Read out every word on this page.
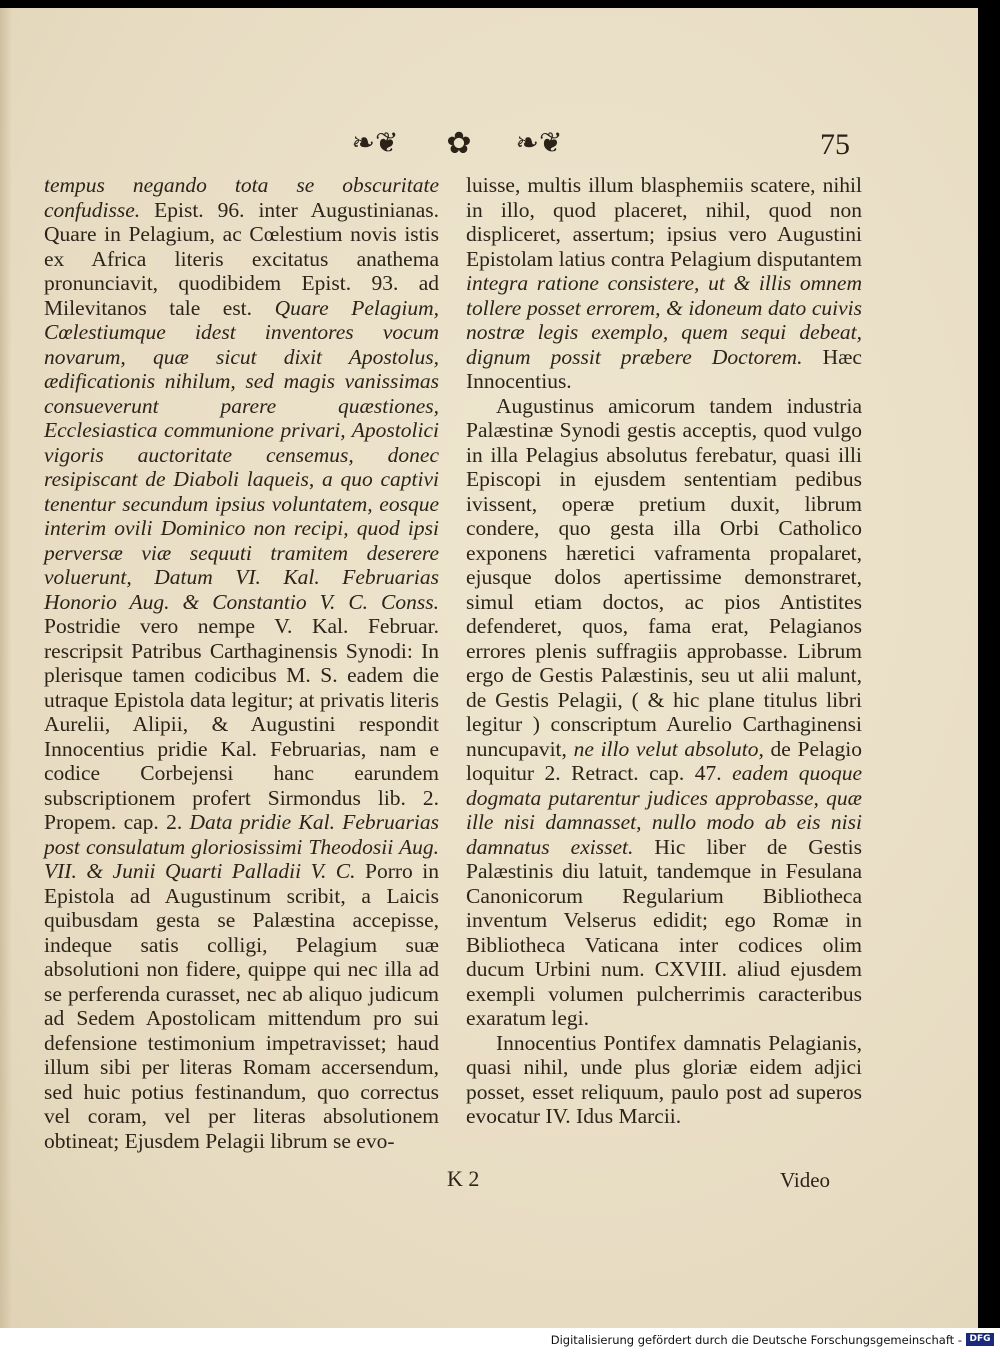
❧❦	✿	❧❦	75

tempus negando tota se obscuritate confudisse. Epist. 96. inter Augustinianas. Quare in Pelagium, ac Cœlestium novis istis ex Africa literis excitatus anathema pronunciavit, quodibidem Epist. 93. ad Milevitanos tale est. Quare Pelagium, Cœlestiumque idest inventores vocum novarum, quæ sicut dixit Apostolus, ædificationis nihilum, sed magis vanissimas consueverunt parere quæstiones, Ecclesiastica communione privari, Apostolici vigoris auctoritate censemus, donec resipiscant de Diaboli laqueis, a quo captivi tenentur secundum ipsius voluntatem, eosque interim ovili Dominico non recipi, quod ipsi perversæ viæ sequuti tramitem deserere voluerunt, Datum VI. Kal. Februarias Honorio Aug. & Constantio V. C. Conss. Postridie vero nempe V. Kal. Februar. rescripsit Patribus Carthaginensis Synodi: In plerisque tamen codicibus M. S. eadem die utraque Epistola data legitur; at privatis literis Aurelii, Alipii, & Augustini respondit Innocentius pridie Kal. Februarias, nam e codice Corbejensi hanc earundem subscriptionem profert Sirmondus lib. 2. Propem. cap. 2. Data pridie Kal. Februarias post consulatum gloriosissimi Theodosii Aug. VII. & Junii Quarti Palladii V. C. Porro in Epistola ad Augustinum scribit, a Laicis quibusdam gesta se Palæstina accepisse, indeque satis colligi, Pelagium suæ absolutioni non fidere, quippe qui nec illa ad se perferenda curasset, nec ab aliquo judicum ad Sedem Apostolicam mittendum pro sui defensione testimonium impetravisset; haud illum sibi per literas Romam accersendum, sed huic potius festinandum, quo correctus vel coram, vel per literas absolutionem obtineat; Ejusdem Pelagii librum se evo-

luisse, multis illum blasphemiis scatere, nihil in illo, quod placeret, nihil, quod non displiceret, assertum; ipsius vero Augustini Epistolam latius contra Pelagium disputantem integra ratione consistere, ut & illis omnem tollere posset errorem, & idoneum dato cuivis nostræ legis exemplo, quem sequi debeat, dignum possit præbere Doctorem. Hæc Innocentius.

Augustinus amicorum tandem industria Palæstinæ Synodi gestis acceptis, quod vulgo in illa Pelagius absolutus ferebatur, quasi illi Episcopi in ejusdem sententiam pedibus ivissent, operæ pretium duxit, librum condere, quo gesta illa Orbi Catholico exponens hæretici vaframenta propalaret, ejusque dolos apertissime demonstraret, simul etiam doctos, ac pios Antistites defenderet, quos, fama erat, Pelagianos errores plenis suffragiis approbasse. Librum ergo de Gestis Palæstinis, seu ut alii malunt, de Gestis Pelagii, ( & hic plane titulus libri legitur ) conscriptum Aurelio Carthaginensi nuncupavit, ne illo velut absoluto, de Pelagio loquitur 2. Retract. cap. 47. eadem quoque dogmata putarentur judices approbasse, quæ ille nisi damnasset, nullo modo ab eis nisi damnatus exisset. Hic liber de Gestis Palæstinis diu latuit, tandemque in Fesulana Canonicorum Regularium Bibliotheca inventum Velserus edidit; ego Romæ in Bibliotheca Vaticana inter codices olim ducum Urbini num. CXVIII. aliud ejusdem exempli volumen pulcherrimis caracteribus exaratum legi.

Innocentius Pontifex damnatis Pelagianis, quasi nihil, unde plus gloriæ eidem adjici posset, esset reliquum, paulo post ad superos evocatur IV. Idus Marcii.

K 2	Video
Digitalisierung gefördert durch die Deutsche Forschungsgemeinschaft - DFG
